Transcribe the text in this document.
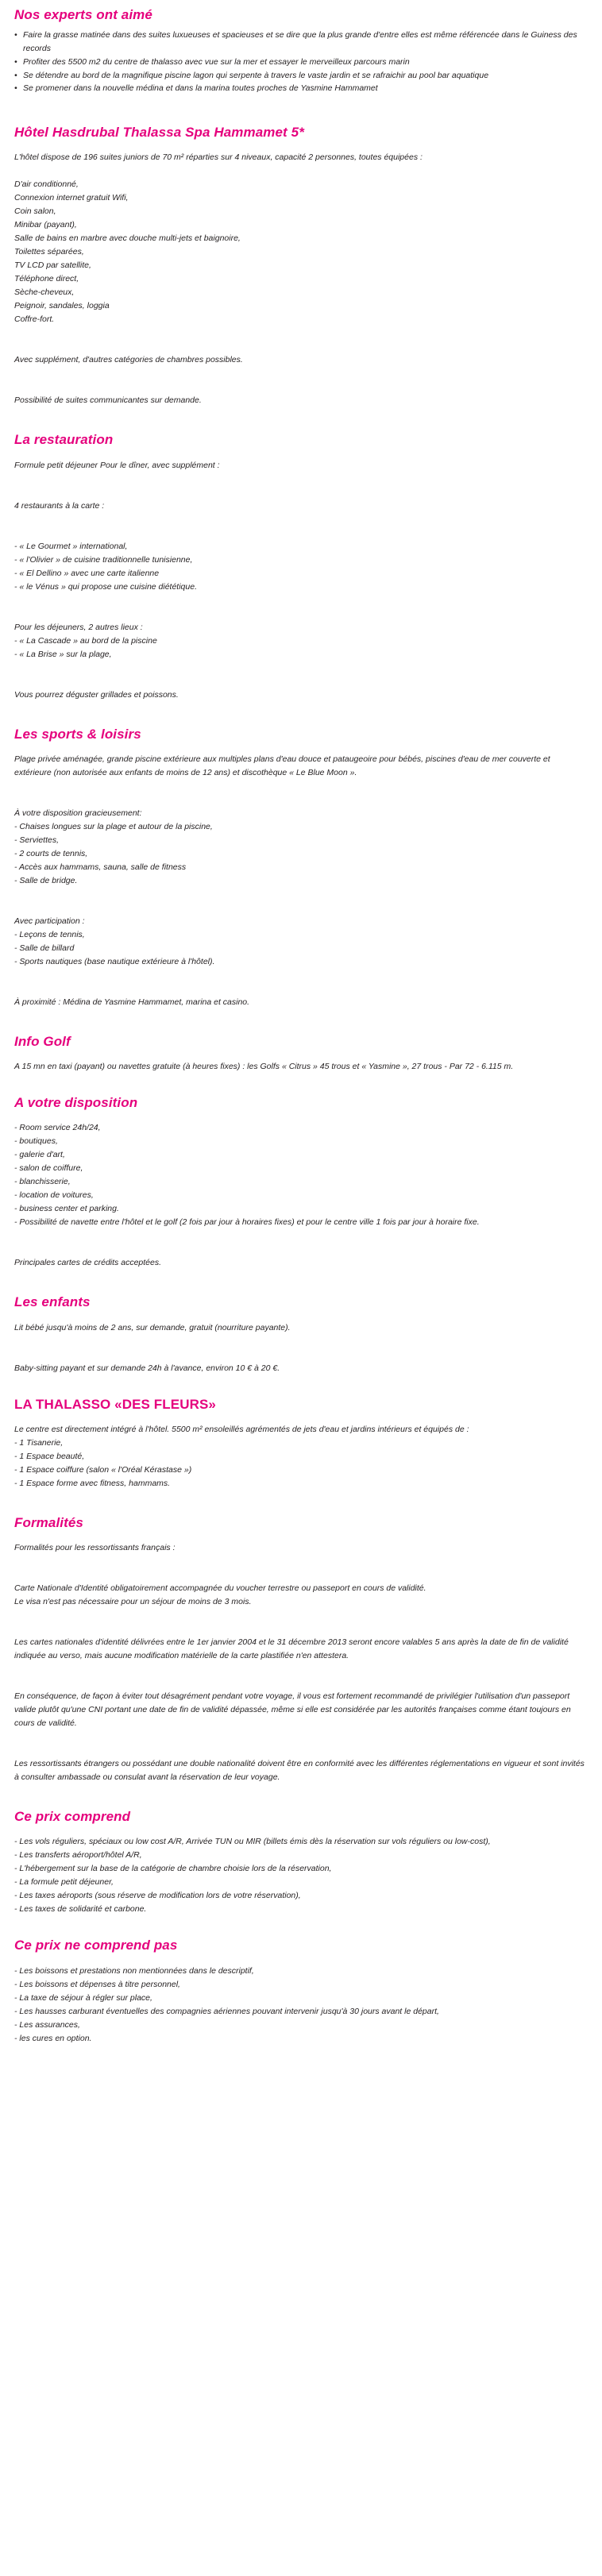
Nos experts ont aimé
• Faire la grasse matinée dans des suites luxueuses et spacieuses et se dire que la plus grande d'entre elles est même référencée dans le Guiness des records
• Profiter des 5500 m2 du centre de thalasso avec vue sur la mer et essayer le merveilleux parcours marin
• Se détendre au bord de la magnifique piscine lagon qui serpente à travers le vaste jardin et se rafraichir au pool bar aquatique
• Se promener dans la nouvelle médina et dans la marina toutes proches de Yasmine Hammamet
Hôtel Hasdrubal Thalassa Spa Hammamet 5*

L'hôtel dispose de 196 suites juniors de 70 m² réparties sur 4 niveaux, capacité 2 personnes, toutes équipées :

D'air conditionné,

Connexion internet gratuit Wifi,

Coin salon,

Minibar (payant),

Salle de bains en marbre avec douche multi-jets et baignoire,

Toilettes séparées,

TV LCD par satellite,

Téléphone direct,

Sèche-cheveux,

Peignoir, sandales, loggia

Coffre-fort.

Avec supplément, d'autres catégories de chambres possibles.

Possibilité de suites communicantes sur demande.

La restauration

Formule petit déjeuner Pour le dîner, avec supplément :

4 restaurants à la carte :

- « Le Gourmet » international,

- « l'Olivier » de cuisine traditionnelle tunisienne,

- « El Dellino » avec une carte italienne

- « le Vénus » qui propose une cuisine diététique.

Pour les déjeuners, 2 autres lieux :

- « La Cascade » au bord de la piscine

- « La Brise » sur la plage,

Vous pourrez déguster grillades et poissons.

Les sports & loisirs

Plage privée aménagée, grande piscine extérieure aux multiples plans d'eau douce et pataugeoire pour bébés, piscines d'eau de mer couverte et extérieure (non autorisée aux enfants de moins de 12 ans) et discothèque « Le Blue Moon ».

À votre disposition gracieusement:

- Chaises longues sur la plage et autour de la piscine,

- Serviettes,

- 2 courts de tennis,

- Accès aux hammams, sauna, salle de fitness

- Salle de bridge.

Avec participation :

- Leçons de tennis,

- Salle de billard

- Sports nautiques (base nautique extérieure à l'hôtel).

À proximité : Médina de Yasmine Hammamet, marina et casino.

Info Golf

A 15 mn en taxi (payant) ou navettes gratuite (à heures fixes) : les Golfs « Citrus » 45 trous et « Yasmine », 27 trous - Par 72 - 6.115 m.

A votre disposition

- Room service 24h/24,

- boutiques,

- galerie d'art,

- salon de coiffure,

- blanchisserie,

- location de voitures,

- business center et parking.

- Possibilité de navette entre l'hôtel et le golf (2 fois par jour à horaires fixes) et pour le centre ville 1 fois par jour à horaire fixe.

Principales cartes de crédits acceptées.

Les enfants

Lit bébé jusqu'à moins de 2 ans, sur demande, gratuit (nourriture payante).

Baby-sitting payant et sur demande 24h à l'avance, environ 10 € à 20 €.

LA THALASSO «DES FLEURS»

Le centre est directement intégré à l'hôtel. 5500 m² ensoleillés agrémentés de jets d'eau et jardins intérieurs et équipés de :

- 1 Tisanerie,

- 1 Espace beauté,

- 1 Espace coiffure (salon « l'Oréal Kérastase »)

- 1 Espace forme avec fitness, hammams.

Formalités

Formalités pour les ressortissants français :

Carte Nationale d'Identité obligatoirement accompagnée du voucher terrestre ou passeport en cours de validité.

Le visa n'est pas nécessaire pour un séjour de moins de 3 mois.

Les cartes nationales d'identité délivrées entre le 1er janvier 2004 et le 31 décembre 2013 seront encore valables 5 ans après la date de fin de validité indiquée au verso, mais aucune modification matérielle de la carte plastifiée n'en attestera.

En conséquence, de façon à éviter tout désagrément pendant votre voyage, il vous est fortement recommandé de privilégier l'utilisation d'un passeport valide plutôt qu'une CNI portant une date de fin de validité dépassée, même si elle est considérée par les autorités françaises comme étant toujours en cours de validité.

Les ressortissants étrangers ou possédant une double nationalité doivent être en conformité avec les différentes réglementations en vigueur et sont invités à consulter ambassade ou consulat avant la réservation de leur voyage.

Ce prix comprend

- Les vols réguliers, spéciaux ou low cost A/R, Arrivée TUN ou MIR (billets émis dès la réservation sur vols réguliers ou low-cost),

- Les transferts aéroport/hôtel A/R,

- L'hébergement sur la base de la catégorie de chambre choisie lors de la réservation,

- La formule petit déjeuner,

- Les taxes aéroports (sous réserve de modification lors de votre réservation),

- Les taxes de solidarité et carbone.

Ce prix ne comprend pas

- Les boissons et prestations non mentionnées dans le descriptif,

- Les boissons et dépenses à titre personnel,

- La taxe de séjour à régler sur place,

- Les hausses carburant éventuelles des compagnies aériennes pouvant intervenir jusqu'à 30 jours avant le départ,

- Les assurances,

- les cures en option.
